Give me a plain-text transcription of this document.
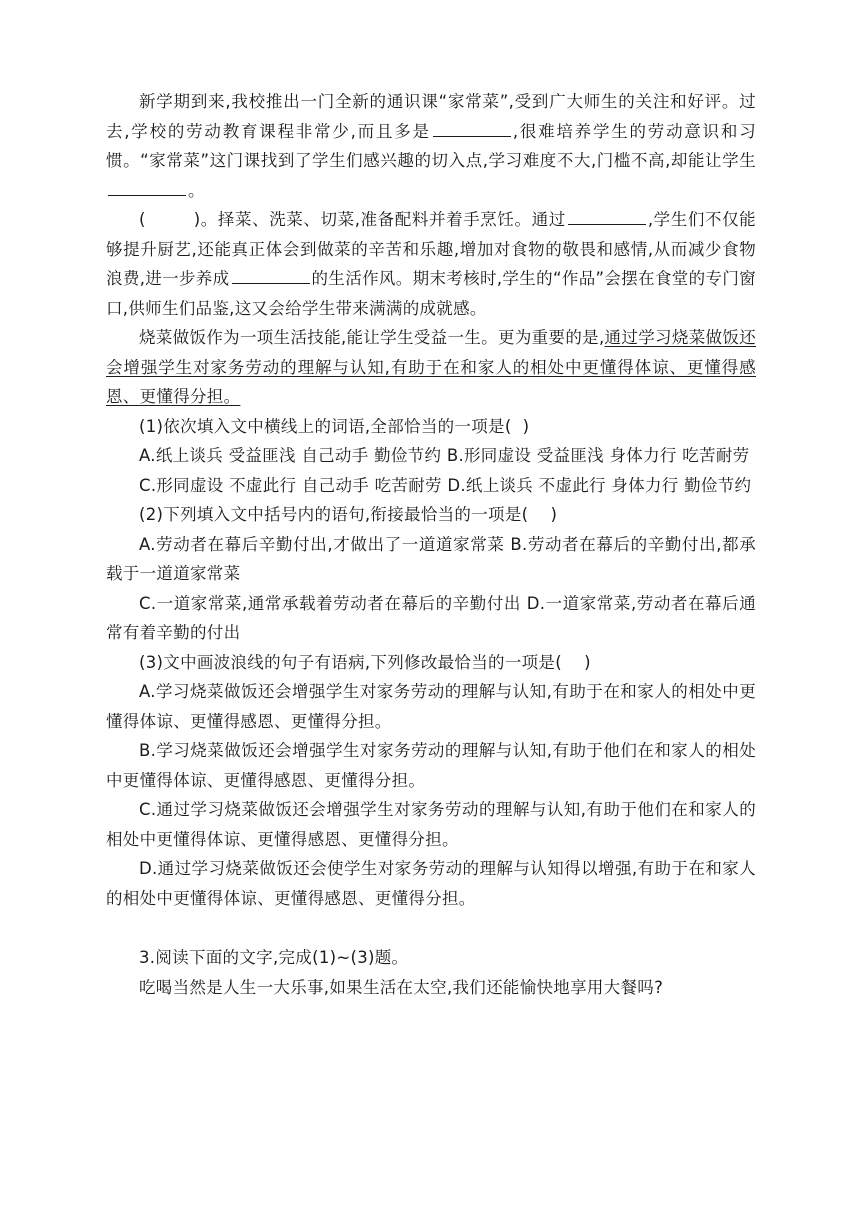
新学期到来,我校推出一门全新的通识课“家常菜”,受到广大师生的关注和好评。过去,学校的劳动教育课程非常少,而且多是	,很难培养学生的劳动意识和习惯。“家常菜”这门课找到了学生们感兴趣的切入点,学习难度不大,门槛不高,却能让学生。

(	)。择菜、洗菜、切菜,准备配料并着手烹饪。通过	,学生们不仅能够提升厨艺,还能真正体会到做菜的辛苦和乐趣,增加对食物的敬畏和感情,从而减少食物浪费,进一步养成	的生活作风。期末考核时,学生的“作品”会摆在食堂的专门窗口,供师生们品鉴,这又会给学生带来满满的成就感。

烧菜做饭作为一项生活技能,能让学生受益一生。更为重要的是,通过学习烧菜做饭还会增强学生对家务劳动的理解与认知,有助于在和家人的相处中更懂得体谅、更懂得感恩、更懂得分担。

(1)依次填入文中横线上的词语,全部恰当的一项是(  )

A.纸上谈兵 受益匪浅 自己动手 勤俭节约 B.形同虚设 受益匪浅 身体力行 吃苦耐劳

C.形同虚设 不虚此行 自己动手 吃苦耐劳 D.纸上谈兵 不虚此行 身体力行 勤俭节约

(2)下列填入文中括号内的语句,衔接最恰当的一项是(    )

A.劳动者在幕后辛勤付出,才做出了一道道家常菜 B.劳动者在幕后的辛勤付出,都承载于一道道家常菜

C.一道家常菜,通常承载着劳动者在幕后的辛勤付出 D.一道家常菜,劳动者在幕后通常有着辛勤的付出

(3)文中画波浪线的句子有语病,下列修改最恰当的一项是(    )

A.学习烧菜做饭还会增强学生对家务劳动的理解与认知,有助于在和家人的相处中更懂得体谅、更懂得感恩、更懂得分担。

B.学习烧菜做饭还会增强学生对家务劳动的理解与认知,有助于他们在和家人的相处中更懂得体谅、更懂得感恩、更懂得分担。

C.通过学习烧菜做饭还会增强学生对家务劳动的理解与认知,有助于他们在和家人的相处中更懂得体谅、更懂得感恩、更懂得分担。

D.通过学习烧菜做饭还会使学生对家务劳动的理解与认知得以增强,有助于在和家人的相处中更懂得体谅、更懂得感恩、更懂得分担。

3.阅读下面的文字,完成(1)~(3)题。

吃喝当然是人生一大乐事,如果生活在太空,我们还能愉快地享用大餐吗?
